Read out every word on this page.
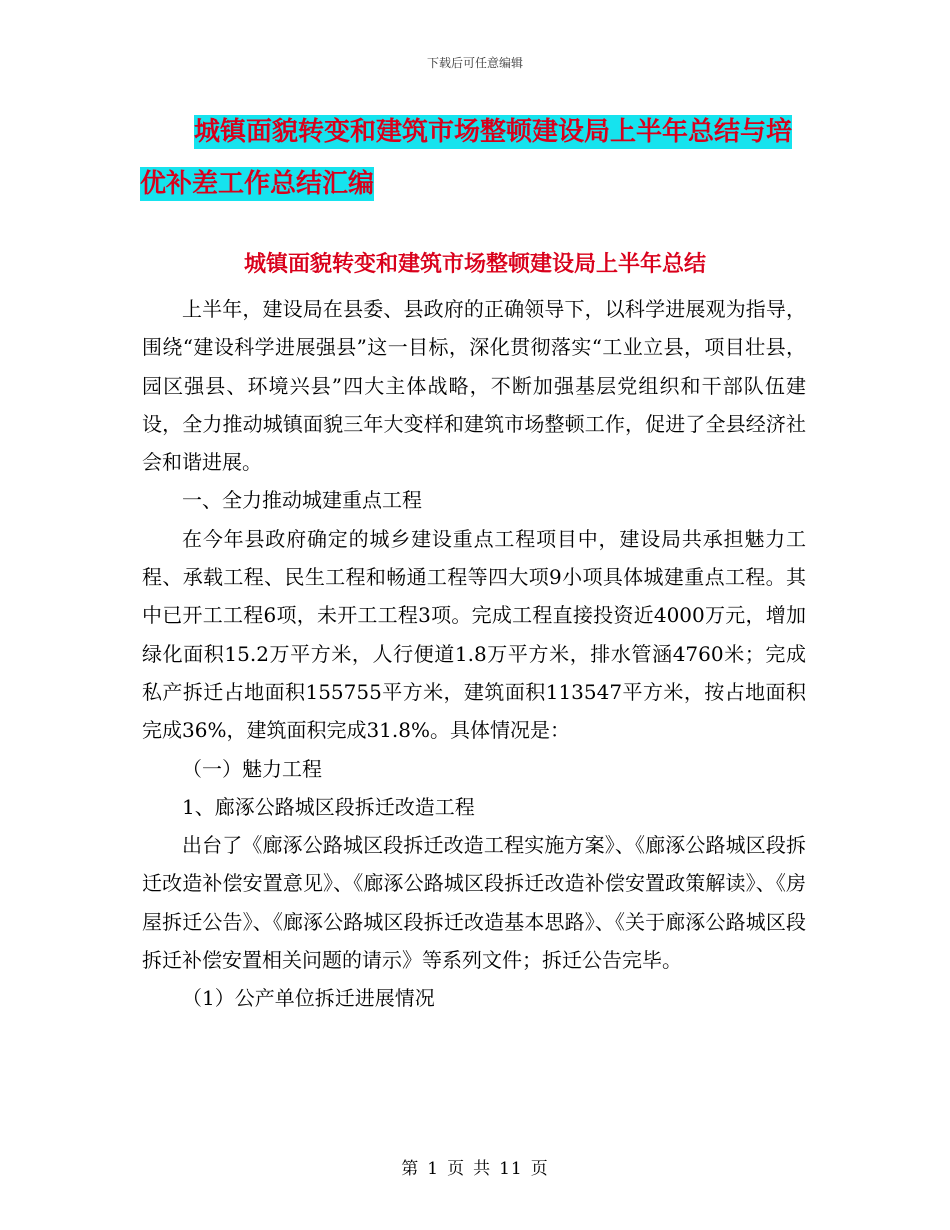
下载后可任意编辑
城镇面貌转变和建筑市场整顿建设局上半年总结与培
优补差工作总结汇编
城镇面貌转变和建筑市场整顿建设局上半年总结

上半年，建设局在县委、县政府的正确领导下，以科学进展观为指导，围绕“建设科学进展强县”这一目标，深化贯彻落实“工业立县，项目壮县，园区强县、环境兴县”四大主体战略，不断加强基层党组织和干部队伍建设，全力推动城镇面貌三年大变样和建筑市场整顿工作，促进了全县经济社会和谐进展。

一、全力推动城建重点工程

在今年县政府确定的城乡建设重点工程项目中，建设局共承担魅力工程、承载工程、民生工程和畅通工程等四大项9小项具体城建重点工程。其中已开工工程6项，未开工工程3项。完成工程直接投资近4000万元，增加绿化面积15.2万平方米，人行便道1.8万平方米，排水管涵4760米；完成私产拆迁占地面积155755平方米，建筑面积113547平方米，按占地面积完成36%，建筑面积完成31.8%。具体情况是：

（一）魅力工程

1、廊涿公路城区段拆迁改造工程

出台了《廊涿公路城区段拆迁改造工程实施方案》、《廊涿公路城区段拆迁改造补偿安置意见》、《廊涿公路城区段拆迁改造补偿安置政策解读》、《房屋拆迁公告》、《廊涿公路城区段拆迁改造基本思路》、《关于廊涿公路城区段拆迁补偿安置相关问题的请示》等系列文件；拆迁公告完毕。

（1）公产单位拆迁进展情况

第 1 页 共 11 页
